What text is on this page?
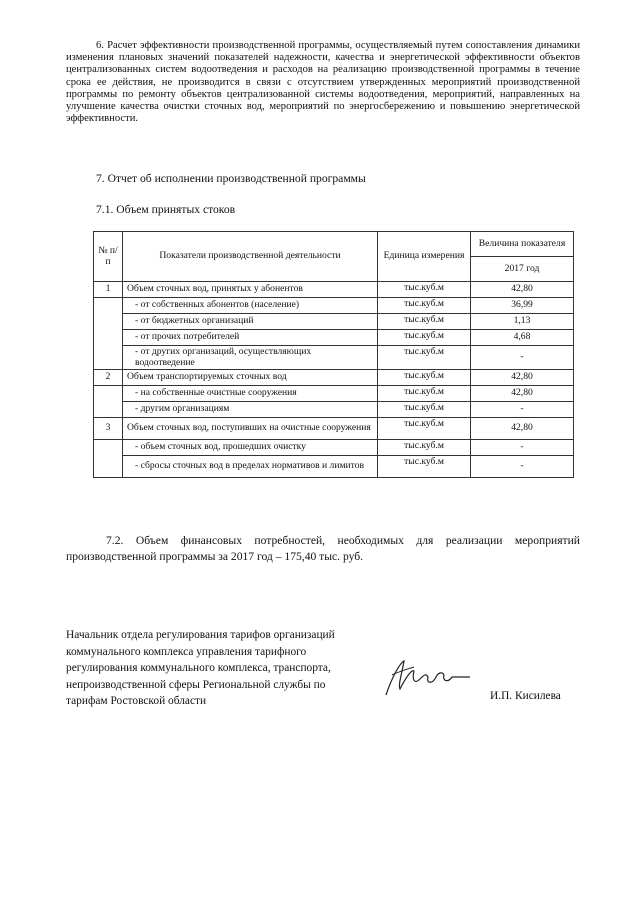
6. Расчет эффективности производственной программы, осуществляемый путем сопоставления динамики изменения плановых значений показателей надежности, качества и энергетической эффективности объектов централизованных систем водоотведения и расходов на реализацию производственной программы в течение срока ее действия, не производится в связи с отсутствием утвержденных мероприятий производственной программы по ремонту объектов централизованной системы водоотведения, мероприятий, направленных на улучшение качества очистки сточных вод, мероприятий по энергосбережению и повышению энергетической эффективности.

7. Отчет об исполнении производственной программы
7.1. Объем принятых стоков
№ п/п	Показатели производственной деятельности	Единица измерения	Величина показателя
			2017 год
1	Объем сточных вод, принятых у абонентов	тыс.куб.м	42,80
	- от собственных абонентов (население)	тыс.куб.м	36,99
	- от бюджетных организаций	тыс.куб.м	1,13
	- от прочих потребителей	тыс.куб.м	4,68
	- от других организаций, осуществляющих водоотведение	тыс.куб.м	-
2	Объем транспортируемых сточных вод	тыс.куб.м	42,80
	- на собственные очистные сооружения	тыс.куб.м	42,80
	- другим организациям	тыс.куб.м	-
3	Объем сточных вод, поступивших на очистные сооружения	тыс.куб.м	42,80
	- объем сточных вод, прошедших очистку	тыс.куб.м	-
	- сбросы сточных вод в пределах нормативов и лимитов	тыс.куб.м	-

7.2. Объем финансовых потребностей, необходимых для реализации мероприятий производственной программы за 2017 год – 175,40 тыс. руб.

Начальник отдела регулирования тарифов организаций
коммунального комплекса управления тарифного
регулирования коммунального комплекса, транспорта,
непроизводственной сферы Региональной службы по
тарифам Ростовской области	И.П. Кисилева
